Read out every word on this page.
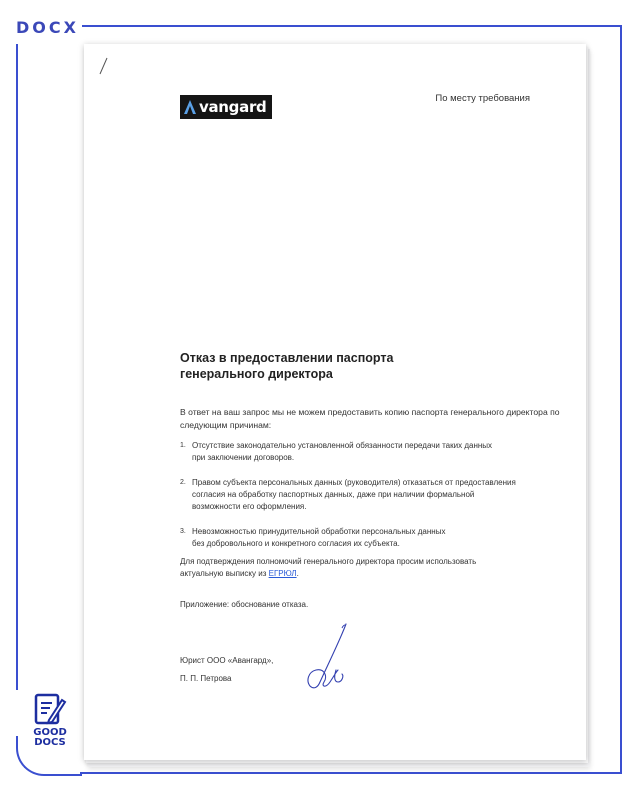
DOCX
GOOD
DOCS
vangard	По месту требования
Отказ в предоставлении паспорта
генерального директора
В ответ на ваш запрос мы не можем предоставить копию паспорта генерального директора по следующим причинам:
1. Отсутствие законодательно установленной обязанности передачи таких данных
при заключении договоров.
2. Правом субъекта персональных данных (руководителя) отказаться от предоставления
согласия на обработку паспортных данных, даже при наличии формальной
возможности его оформления.
3. Невозможностью принудительной обработки персональных данных
без добровольного и конкретного согласия их субъекта.
Для подтверждения полномочий генерального директора просим использовать
актуальную выписку из ЕГРЮЛ.
Приложение: обоснование отказа.
Юрист ООО «Авангард»,
П. П. Петрова
